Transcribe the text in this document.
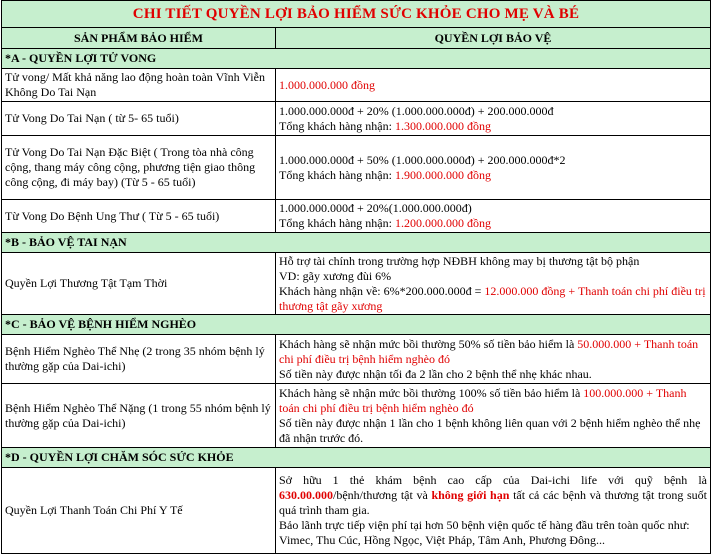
CHI TIẾT QUYỀN LỢI BẢO HIỂM SỨC KHỎE CHO MẸ VÀ BÉ	
SẢN PHẨM BẢO HIỂM	QUYỀN LỢI BẢO VỆ
*A - QUYỀN LỢI TỬ VONG	
Tử vong/ Mất khả năng lao động hoàn toàn Vĩnh Viễn Không Do Tai Nạn	1.000.000.000 đồng
Tử Vong Do Tai Nạn ( từ 5- 65 tuổi)	1.000.000.000đ + 20% (1.000.000.000đ) + 200.000.000đ
Tổng khách hàng nhận: 1.300.000.000 đồng

Tử Vong Do Tai Nạn Đặc Biệt ( Trong tòa nhà công cộng, thang máy công cộng, phương tiện giao thông công cộng, đi máy bay) (Từ 5 - 65 tuổi)	1.000.000.000đ + 50% (1.000.000.000đ) + 200.000.000đ*2
Tổng khách hàng nhận: 1.900.000.000 đồng

Từ Vong Do Bệnh Ung Thư ( Từ 5 - 65 tuổi)	1.000.000.000đ + 20%(1.000.000.000đ)
Tổng khách hàng nhận: 1.200.000.000 đồng

*B - BẢO VỆ TAI NẠN	
Quyền Lợi Thương Tật Tạm Thời	Hỗ trợ tài chính trong trường hợp NĐBH không may bị thương tật bộ phận
VD: gãy xương đùi 6%
Khách hàng nhận về: 6%*200.000.000đ = 12.000.000 đồng + Thanh toán chi phí điều trị thương tật gãy xương

*C - BẢO VỆ BỆNH HIỂM NGHÈO	
Bệnh Hiểm Nghèo Thể Nhẹ (2 trong 35 nhóm bệnh lý thường gặp của Dai-ichi)	Khách hàng sẽ nhận mức bồi thường 50% số tiền bảo hiểm là 50.000.000 + Thanh toán chi phí điều trị bệnh hiểm nghèo đó
Số tiền này được nhận tối đa 2 lần cho 2 bệnh thể nhẹ khác nhau.

Bệnh Hiểm Nghèo Thể Nặng (1 trong 55 nhóm bệnh lý thường gặp của Dai-ichi)	Khách hàng sẽ nhận mức bồi thường 100% số tiền bảo hiểm là 100.000.000 + Thanh toán chi phí điều trị bệnh hiểm nghèo đó
Số tiền này được nhận 1 lần cho 1 bệnh không liên quan với 2 bệnh hiểm nghèo thể nhẹ đã nhận trước đó.

*D - QUYỀN LỢI CHĂM SÓC SỨC KHỎE	
Quyền Lợi Thanh Toán Chi Phí Y Tế	Sở hữu 1 thẻ khám bệnh cao cấp của Dai-ichi life với quỹ bệnh là 630.00.000/bệnh/thương tật và không giới hạn tất cả các bệnh và thương tật trong suốt quá trình tham gia.
Bảo lãnh trực tiếp viện phí tại hơn 50 bệnh viện quốc tế hàng đầu trên toàn quốc như: Vimec, Thu Cúc, Hồng Ngọc, Việt Pháp, Tâm Anh, Phương Đông...
